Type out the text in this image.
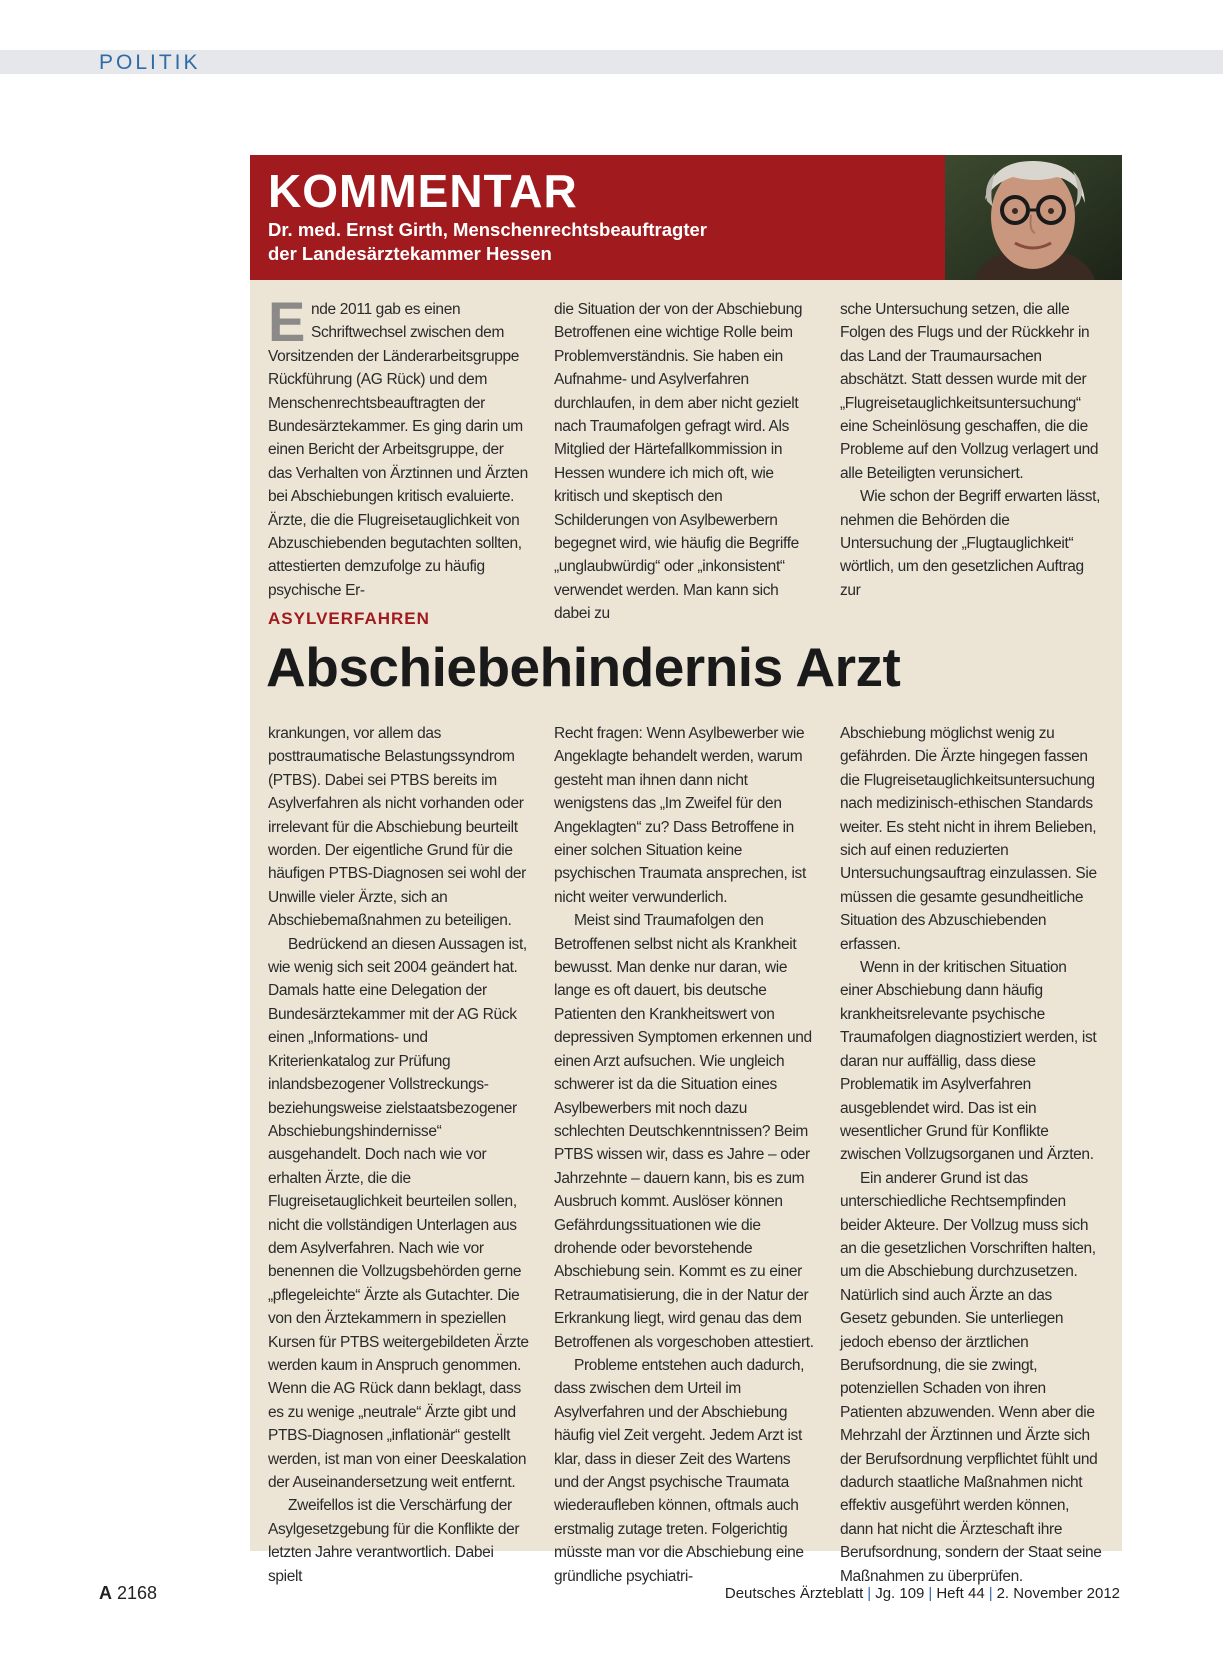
POLITIK
KOMMENTAR
Dr. med. Ernst Girth, Menschenrechtsbeauftragter
der Landesärztekammer Hessen

Ende 2011 gab es einen Schriftwechsel zwischen dem Vorsitzenden der Länderarbeitsgruppe Rückführung (AG Rück) und dem Menschenrechtsbeauftragten der Bundesärztekammer. Es ging darin um einen Bericht der Arbeitsgruppe, der das Verhalten von Ärztinnen und Ärzten bei Abschiebungen kritisch evaluierte. Ärzte, die die Flugreisetauglichkeit von Abzuschiebenden begutachten sollten, attestierten demzufolge zu häufig psychische Er-

die Situation der von der Abschiebung Betroffenen eine wichtige Rolle beim Problemverständnis. Sie haben ein Aufnahme- und Asylverfahren durchlaufen, in dem aber nicht gezielt nach Traumafolgen gefragt wird. Als Mitglied der Härtefallkommission in Hessen wundere ich mich oft, wie kritisch und skeptisch den Schilderungen von Asylbewerbern begegnet wird, wie häufig die Begriffe „unglaubwürdig“ oder „inkonsistent“ verwendet werden. Man kann sich dabei zu

sche Untersuchung setzen, die alle Folgen des Flugs und der Rückkehr in das Land der Traumaursachen abschätzt. Statt dessen wurde mit der „Flugreisetauglichkeitsuntersuchung“ eine Scheinlösung geschaffen, die die Probleme auf den Vollzug verlagert und alle Beteiligten verunsichert.

Wie schon der Begriff erwarten lässt, nehmen die Behörden die Untersuchung der „Flugtauglichkeit“ wörtlich, um den gesetzlichen Auftrag zur

ASYLVERFAHREN
Abschiebehindernis Arzt

krankungen, vor allem das posttraumatische Belastungssyndrom (PTBS). Dabei sei PTBS bereits im Asylverfahren als nicht vorhanden oder irrelevant für die Abschiebung beurteilt worden. Der eigentliche Grund für die häufigen PTBS-Diagnosen sei wohl der Unwille vieler Ärzte, sich an Abschiebemaßnahmen zu beteiligen.

Bedrückend an diesen Aussagen ist, wie wenig sich seit 2004 geändert hat. Damals hatte eine Delegation der Bundesärztekammer mit der AG Rück einen „Informations- und Kriterienkatalog zur Prüfung inlandsbezogener Vollstreckungs- beziehungsweise zielstaatsbezogener Abschiebungshindernisse“ ausgehandelt. Doch nach wie vor erhalten Ärzte, die die Flugreisetauglichkeit beurteilen sollen, nicht die vollständigen Unterlagen aus dem Asylverfahren. Nach wie vor benennen die Vollzugsbehörden gerne „pflegeleichte“ Ärzte als Gutachter. Die von den Ärztekammern in speziellen Kursen für PTBS weitergebildeten Ärzte werden kaum in Anspruch genommen. Wenn die AG Rück dann beklagt, dass es zu wenige „neutrale“ Ärzte gibt und PTBS-Diagnosen „inflationär“ gestellt werden, ist man von einer Deeskalation der Auseinandersetzung weit entfernt.

Zweifellos ist die Verschärfung der Asylgesetzgebung für die Konflikte der letzten Jahre verantwortlich. Dabei spielt

Recht fragen: Wenn Asylbewerber wie Angeklagte behandelt werden, warum gesteht man ihnen dann nicht wenigstens das „Im Zweifel für den Angeklagten“ zu? Dass Betroffene in einer solchen Situation keine psychischen Traumata ansprechen, ist nicht weiter verwunderlich.

Meist sind Traumafolgen den Betroffenen selbst nicht als Krankheit bewusst. Man denke nur daran, wie lange es oft dauert, bis deutsche Patienten den Krankheitswert von depressiven Symptomen erkennen und einen Arzt aufsuchen. Wie ungleich schwerer ist da die Situation eines Asylbewerbers mit noch dazu schlechten Deutschkenntnissen? Beim PTBS wissen wir, dass es Jahre – oder Jahrzehnte – dauern kann, bis es zum Ausbruch kommt. Auslöser können Gefährdungssituationen wie die drohende oder bevorstehende Abschiebung sein. Kommt es zu einer Retraumatisierung, die in der Natur der Erkrankung liegt, wird genau das dem Betroffenen als vorgeschoben attestiert.

Probleme entstehen auch dadurch, dass zwischen dem Urteil im Asylverfahren und der Abschiebung häufig viel Zeit vergeht. Jedem Arzt ist klar, dass in dieser Zeit des Wartens und der Angst psychische Traumata wiederaufleben können, oftmals auch erstmalig zutage treten. Folgerichtig müsste man vor die Abschiebung eine gründliche psychiatri-

Abschiebung möglichst wenig zu gefährden. Die Ärzte hingegen fassen die Flugreisetauglichkeitsuntersuchung nach medizinisch-ethischen Standards weiter. Es steht nicht in ihrem Belieben, sich auf einen reduzierten Untersuchungsauftrag einzulassen. Sie müssen die gesamte gesundheitliche Situation des Abzuschiebenden erfassen.

Wenn in der kritischen Situation einer Abschiebung dann häufig krankheitsrelevante psychische Traumafolgen diagnostiziert werden, ist daran nur auffällig, dass diese Problematik im Asylverfahren ausgeblendet wird. Das ist ein wesentlicher Grund für Konflikte zwischen Vollzugsorganen und Ärzten.

Ein anderer Grund ist das unterschiedliche Rechtsempfinden beider Akteure. Der Vollzug muss sich an die gesetzlichen Vorschriften halten, um die Abschiebung durchzusetzen. Natürlich sind auch Ärzte an das Gesetz gebunden. Sie unterliegen jedoch ebenso der ärztlichen Berufsordnung, die sie zwingt, potenziellen Schaden von ihren Patienten abzuwenden. Wenn aber die Mehrzahl der Ärztinnen und Ärzte sich der Berufsordnung verpflichtet fühlt und dadurch staatliche Maßnahmen nicht effektiv ausgeführt werden können, dann hat nicht die Ärzteschaft ihre Berufsordnung, sondern der Staat seine Maßnahmen zu überprüfen.

A 2168	Deutsches Ärzteblatt | Jg. 109 | Heft 44 | 2. November 2012
